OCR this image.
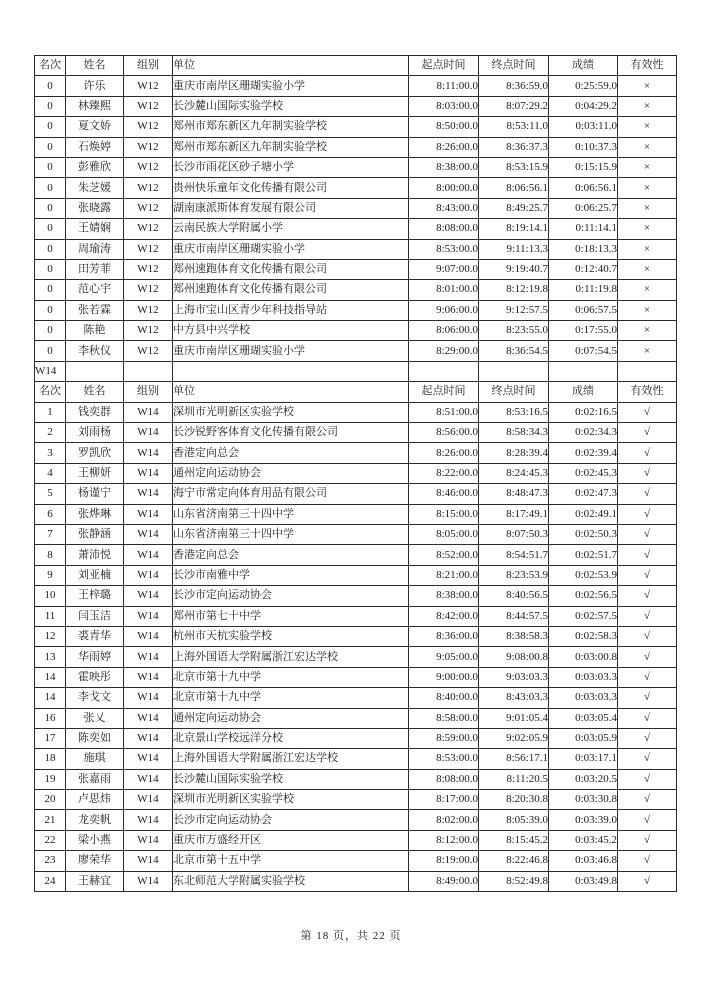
名次	姓名	组别	单位	起点时间	终点时间	成绩	有效性
0	许乐	W12	重庆市南岸区珊瑚实验小学	8:11:00.0	8:36:59.0	0:25:59.0	×
0	林臻熙	W12	长沙麓山国际实验学校	8:03:00.0	8:07:29.2	0:04:29.2	×
0	夏文娇	W12	郑州市郑东新区九年制实验学校	8:50:00.0	8:53:11.0	0:03:11.0	×
0	石焕婷	W12	郑州市郑东新区九年制实验学校	8:26:00.0	8:36:37.3	0:10:37.3	×
0	彭雅欣	W12	长沙市雨花区砂子塘小学	8:38:00.0	8:53:15.9	0:15:15.9	×
0	朱芝媛	W12	贵州快乐童年文化传播有限公司	8:00:00.0	8:06:56.1	0:06:56.1	×
0	张晓露	W12	湖南康派斯体育发展有限公司	8:43:00.0	8:49:25.7	0:06:25.7	×
0	王婧娴	W12	云南民族大学附属小学	8:08:00.0	8:19:14.1	0:11:14.1	×
0	周瑜涛	W12	重庆市南岸区珊瑚实验小学	8:53:00.0	9:11:13.3	0:18:13.3	×
0	田芳菲	W12	郑州速跑体育文化传播有限公司	9:07:00.0	9:19:40.7	0:12:40.7	×
0	范心宇	W12	郑州速跑体育文化传播有限公司	8:01:00.0	8:12:19.8	0:11:19.8	×
0	张若霖	W12	上海市宝山区青少年科技指导站	9:06:00.0	9:12:57.5	0:06:57.5	×
0	陈艳	W12	中方县中兴学校	8:06:00.0	8:23:55.0	0:17:55.0	×
0	李秋仪	W12	重庆市南岸区珊瑚实验小学	8:29:00.0	8:36:54.5	0:07:54.5	×
W14							
名次	姓名	组别	单位	起点时间	终点时间	成绩	有效性
1	钱奕群	W14	深圳市光明新区实验学校	8:51:00.0	8:53:16.5	0:02:16.5	√
2	刘雨杨	W14	长沙锐野客体育文化传播有限公司	8:56:00.0	8:58:34.3	0:02:34.3	√
3	罗凯欣	W14	香港定向总会	8:26:00.0	8:28:39.4	0:02:39.4	√
4	王柳妍	W14	通州定向运动协会	8:22:00.0	8:24:45.3	0:02:45.3	√
5	杨谨宁	W14	海宁市常定向体育用品有限公司	8:46:00.0	8:48:47.3	0:02:47.3	√
6	张烨琳	W14	山东省济南第三十四中学	8:15:00.0	8:17:49.1	0:02:49.1	√
7	张静涵	W14	山东省济南第三十四中学	8:05:00.0	8:07:50.3	0:02:50.3	√
8	萧沛悦	W14	香港定向总会	8:52:00.0	8:54:51.7	0:02:51.7	√
9	刘亚楠	W14	长沙市南雅中学	8:21:00.0	8:23:53.9	0:02:53.9	√
10	王梓璐	W14	长沙市定向运动协会	8:38:00.0	8:40:56.5	0:02:56.5	√
11	闫玉洁	W14	郑州市第七十中学	8:42:00.0	8:44:57.5	0:02:57.5	√
12	裘青华	W14	杭州市天杭实验学校	8:36:00.0	8:38:58.3	0:02:58.3	√
13	华雨婷	W14	上海外国语大学附属浙江宏达学校	9:05:00.0	9:08:00.8	0:03:00.8	√
14	霍映彤	W14	北京市第十九中学	9:00:00.0	9:03:03.3	0:03:03.3	√
14	李戈文	W14	北京市第十九中学	8:40:00.0	8:43:03.3	0:03:03.3	√
16	张乂	W14	通州定向运动协会	8:58:00.0	9:01:05.4	0:03:05.4	√
17	陈奕如	W14	北京景山学校远洋分校	8:59:00.0	9:02:05.9	0:03:05.9	√
18	施琪	W14	上海外国语大学附属浙江宏达学校	8:53:00.0	8:56:17.1	0:03:17.1	√
19	张嘉雨	W14	长沙麓山国际实验学校	8:08:00.0	8:11:20.5	0:03:20.5	√
20	卢思炜	W14	深圳市光明新区实验学校	8:17:00.0	8:20:30.8	0:03:30.8	√
21	龙奕帆	W14	长沙市定向运动协会	8:02:00.0	8:05:39.0	0:03:39.0	√
22	梁小燕	W14	重庆市万盛经开区	8:12:00.0	8:15:45.2	0:03:45.2	√
23	廖荣华	W14	北京市第十五中学	8:19:00.0	8:22:46.8	0:03:46.8	√
24	王赫宜	W14	东北师范大学附属实验学校	8:49:00.0	8:52:49.8	0:03:49.8	√
第 18 页，共 22 页
